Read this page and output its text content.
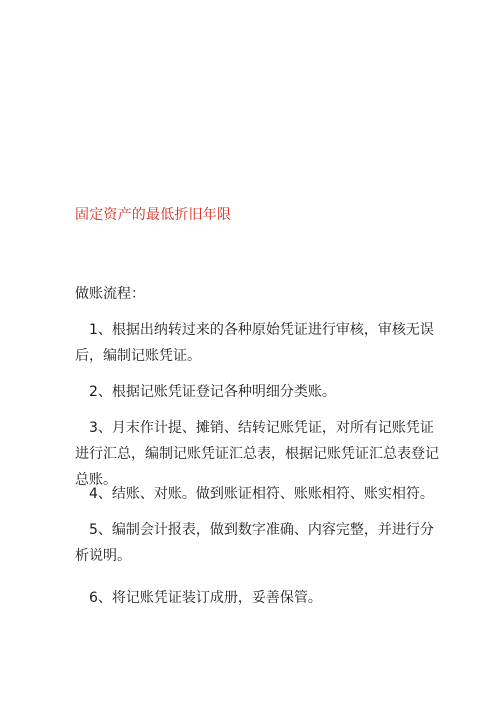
固定资产的最低折旧年限
做账流程：

1、根据出纳转过来的各种原始凭证进行审核，审核无误后，编制记账凭证。

2、根据记账凭证登记各种明细分类账。

3、月末作计提、摊销、结转记账凭证，对所有记账凭证进行汇总，编制记账凭证汇总表，根据记账凭证汇总表登记总账。

4、结账、对账。做到账证相符、账账相符、账实相符。

5、编制会计报表，做到数字准确、内容完整，并进行分析说明。

6、将记账凭证装订成册，妥善保管。
